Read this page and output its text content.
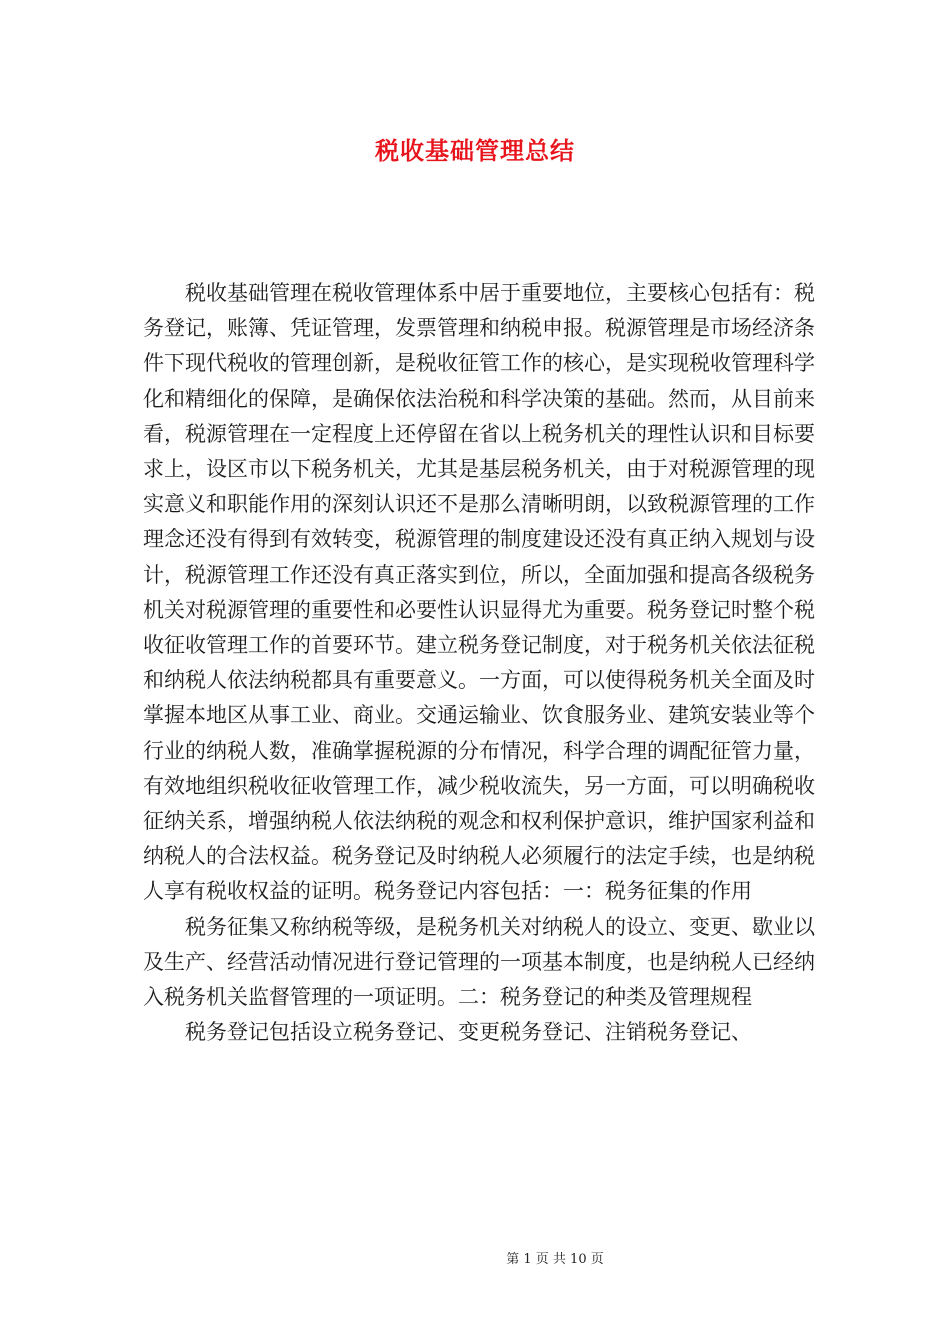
税收基础管理总结

税收基础管理在税收管理体系中居于重要地位，主要核心包括有：税务登记，账簿、凭证管理，发票管理和纳税申报。税源管理是市场经济条件下现代税收的管理创新，是税收征管工作的核心，是实现税收管理科学化和精细化的保障，是确保依法治税和科学决策的基础。然而，从目前来看，税源管理在一定程度上还停留在省以上税务机关的理性认识和目标要求上，设区市以下税务机关，尤其是基层税务机关，由于对税源管理的现实意义和职能作用的深刻认识还不是那么清晰明朗，以致税源管理的工作理念还没有得到有效转变，税源管理的制度建设还没有真正纳入规划与设计，税源管理工作还没有真正落实到位，所以，全面加强和提高各级税务机关对税源管理的重要性和必要性认识显得尤为重要。税务登记时整个税收征收管理工作的首要环节。建立税务登记制度，对于税务机关依法征税和纳税人依法纳税都具有重要意义。一方面，可以使得税务机关全面及时掌握本地区从事工业、商业。交通运输业、饮食服务业、建筑安装业等个行业的纳税人数，准确掌握税源的分布情况，科学合理的调配征管力量，有效地组织税收征收管理工作，减少税收流失，另一方面，可以明确税收征纳关系，增强纳税人依法纳税的观念和权利保护意识，维护国家利益和纳税人的合法权益。税务登记及时纳税人必须履行的法定手续，也是纳税人享有税收权益的证明。税务登记内容包括：一：税务征集的作用

税务征集又称纳税等级，是税务机关对纳税人的设立、变更、歇业以及生产、经营活动情况进行登记管理的一项基本制度，也是纳税人已经纳入税务机关监督管理的一项证明。二：税务登记的种类及管理规程

税务登记包括设立税务登记、变更税务登记、注销税务登记、

第 1 页 共 10 页
